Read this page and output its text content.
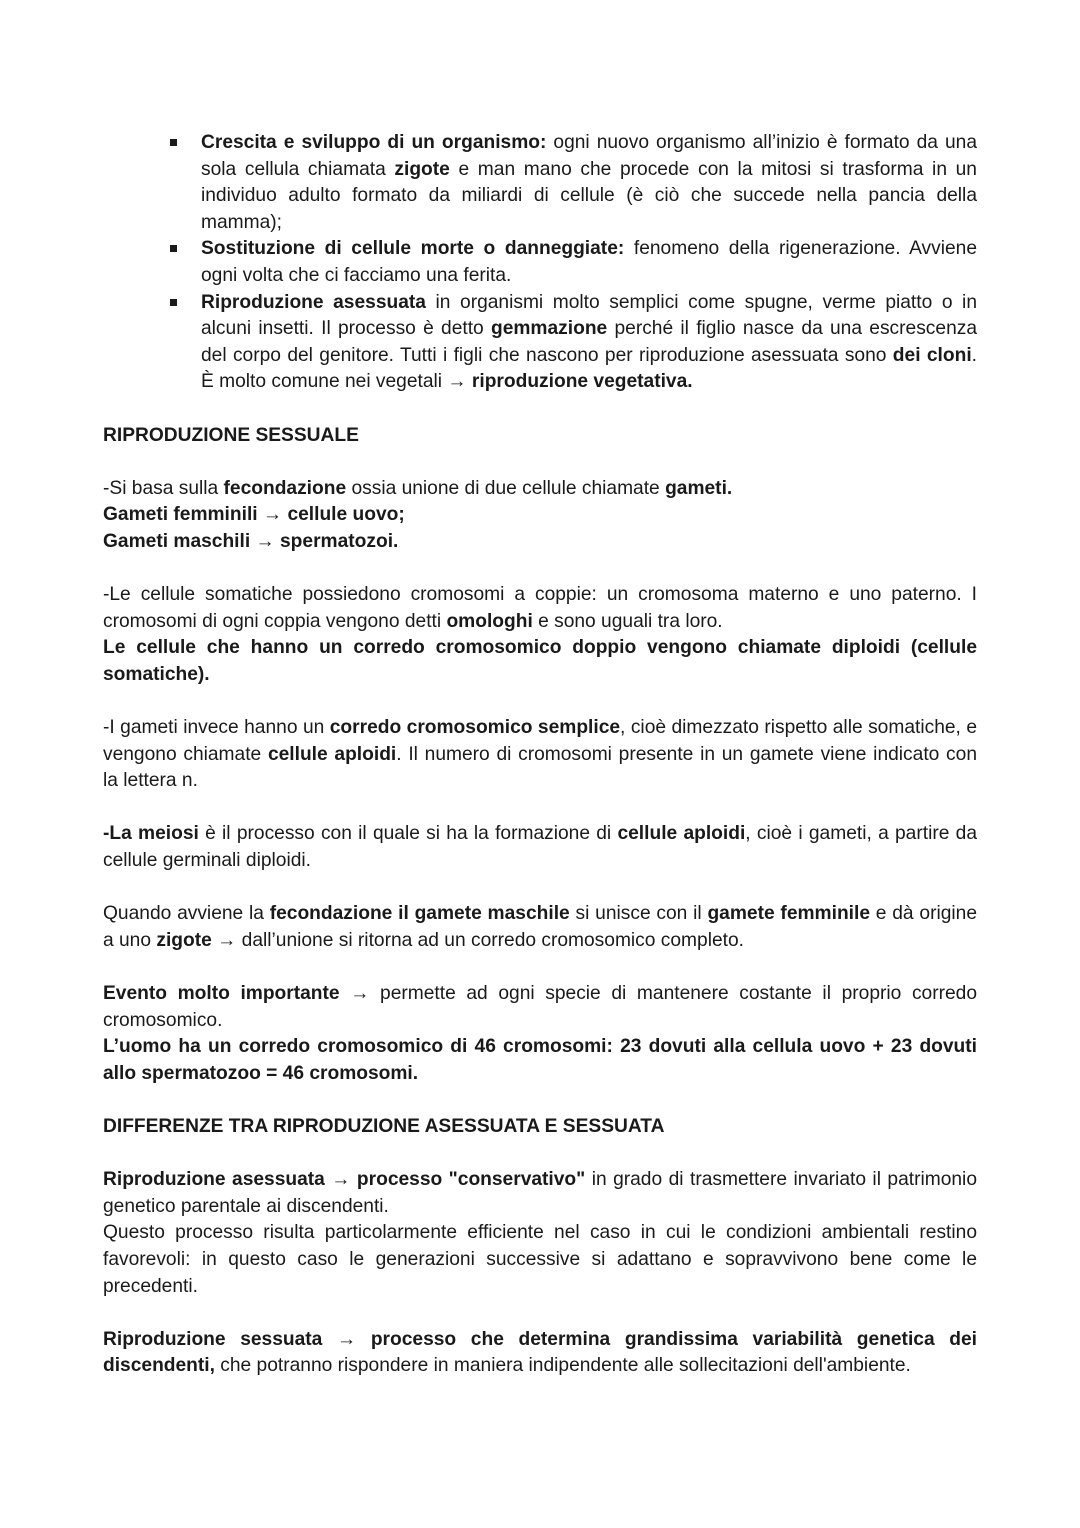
Crescita e sviluppo di un organismo: ogni nuovo organismo all’inizio è formato da una sola cellula chiamata zigote e man mano che procede con la mitosi si trasforma in un individuo adulto formato da miliardi di cellule (è ciò che succede nella pancia della mamma);
Sostituzione di cellule morte o danneggiate: fenomeno della rigenerazione. Avviene ogni volta che ci facciamo una ferita.
Riproduzione asessuata in organismi molto semplici come spugne, verme piatto o in alcuni insetti. Il processo è detto gemmazione perché il figlio nasce da una escrescenza del corpo del genitore. Tutti i figli che nascono per riproduzione asessuata sono dei cloni. È molto comune nei vegetali → riproduzione vegetativa.

RIPRODUZIONE SESSUALE

-Si basa sulla fecondazione ossia unione di due cellule chiamate gameti.

Gameti femminili → cellule uovo;

Gameti maschili → spermatozoi.

-Le cellule somatiche possiedono cromosomi a coppie: un cromosoma materno e uno paterno. I cromosomi di ogni coppia vengono detti omologhi e sono uguali tra loro.

Le cellule che hanno un corredo cromosomico doppio vengono chiamate diploidi (cellule somatiche).

-I gameti invece hanno un corredo cromosomico semplice, cioè dimezzato rispetto alle somatiche, e vengono chiamate cellule aploidi. Il numero di cromosomi presente in un gamete viene indicato con la lettera n.

-La meiosi è il processo con il quale si ha la formazione di cellule aploidi, cioè i gameti, a partire da cellule germinali diploidi.

Quando avviene la fecondazione il gamete maschile si unisce con il gamete femminile e dà origine a uno zigote → dall’unione si ritorna ad un corredo cromosomico completo.

Evento molto importante → permette ad ogni specie di mantenere costante il proprio corredo cromosomico.

L’uomo ha un corredo cromosomico di 46 cromosomi: 23 dovuti alla cellula uovo + 23 dovuti allo spermatozoo = 46 cromosomi.

DIFFERENZE TRA RIPRODUZIONE ASESSUATA E SESSUATA

Riproduzione asessuata → processo "conservativo" in grado di trasmettere invariato il patrimonio genetico parentale ai discendenti.

Questo processo risulta particolarmente efficiente nel caso in cui le condizioni ambientali restino favorevoli: in questo caso le generazioni successive si adattano e sopravvivono bene come le precedenti.

Riproduzione sessuata → processo che determina grandissima variabilità genetica dei discendenti, che potranno rispondere in maniera indipendente alle sollecitazioni dell'ambiente.
